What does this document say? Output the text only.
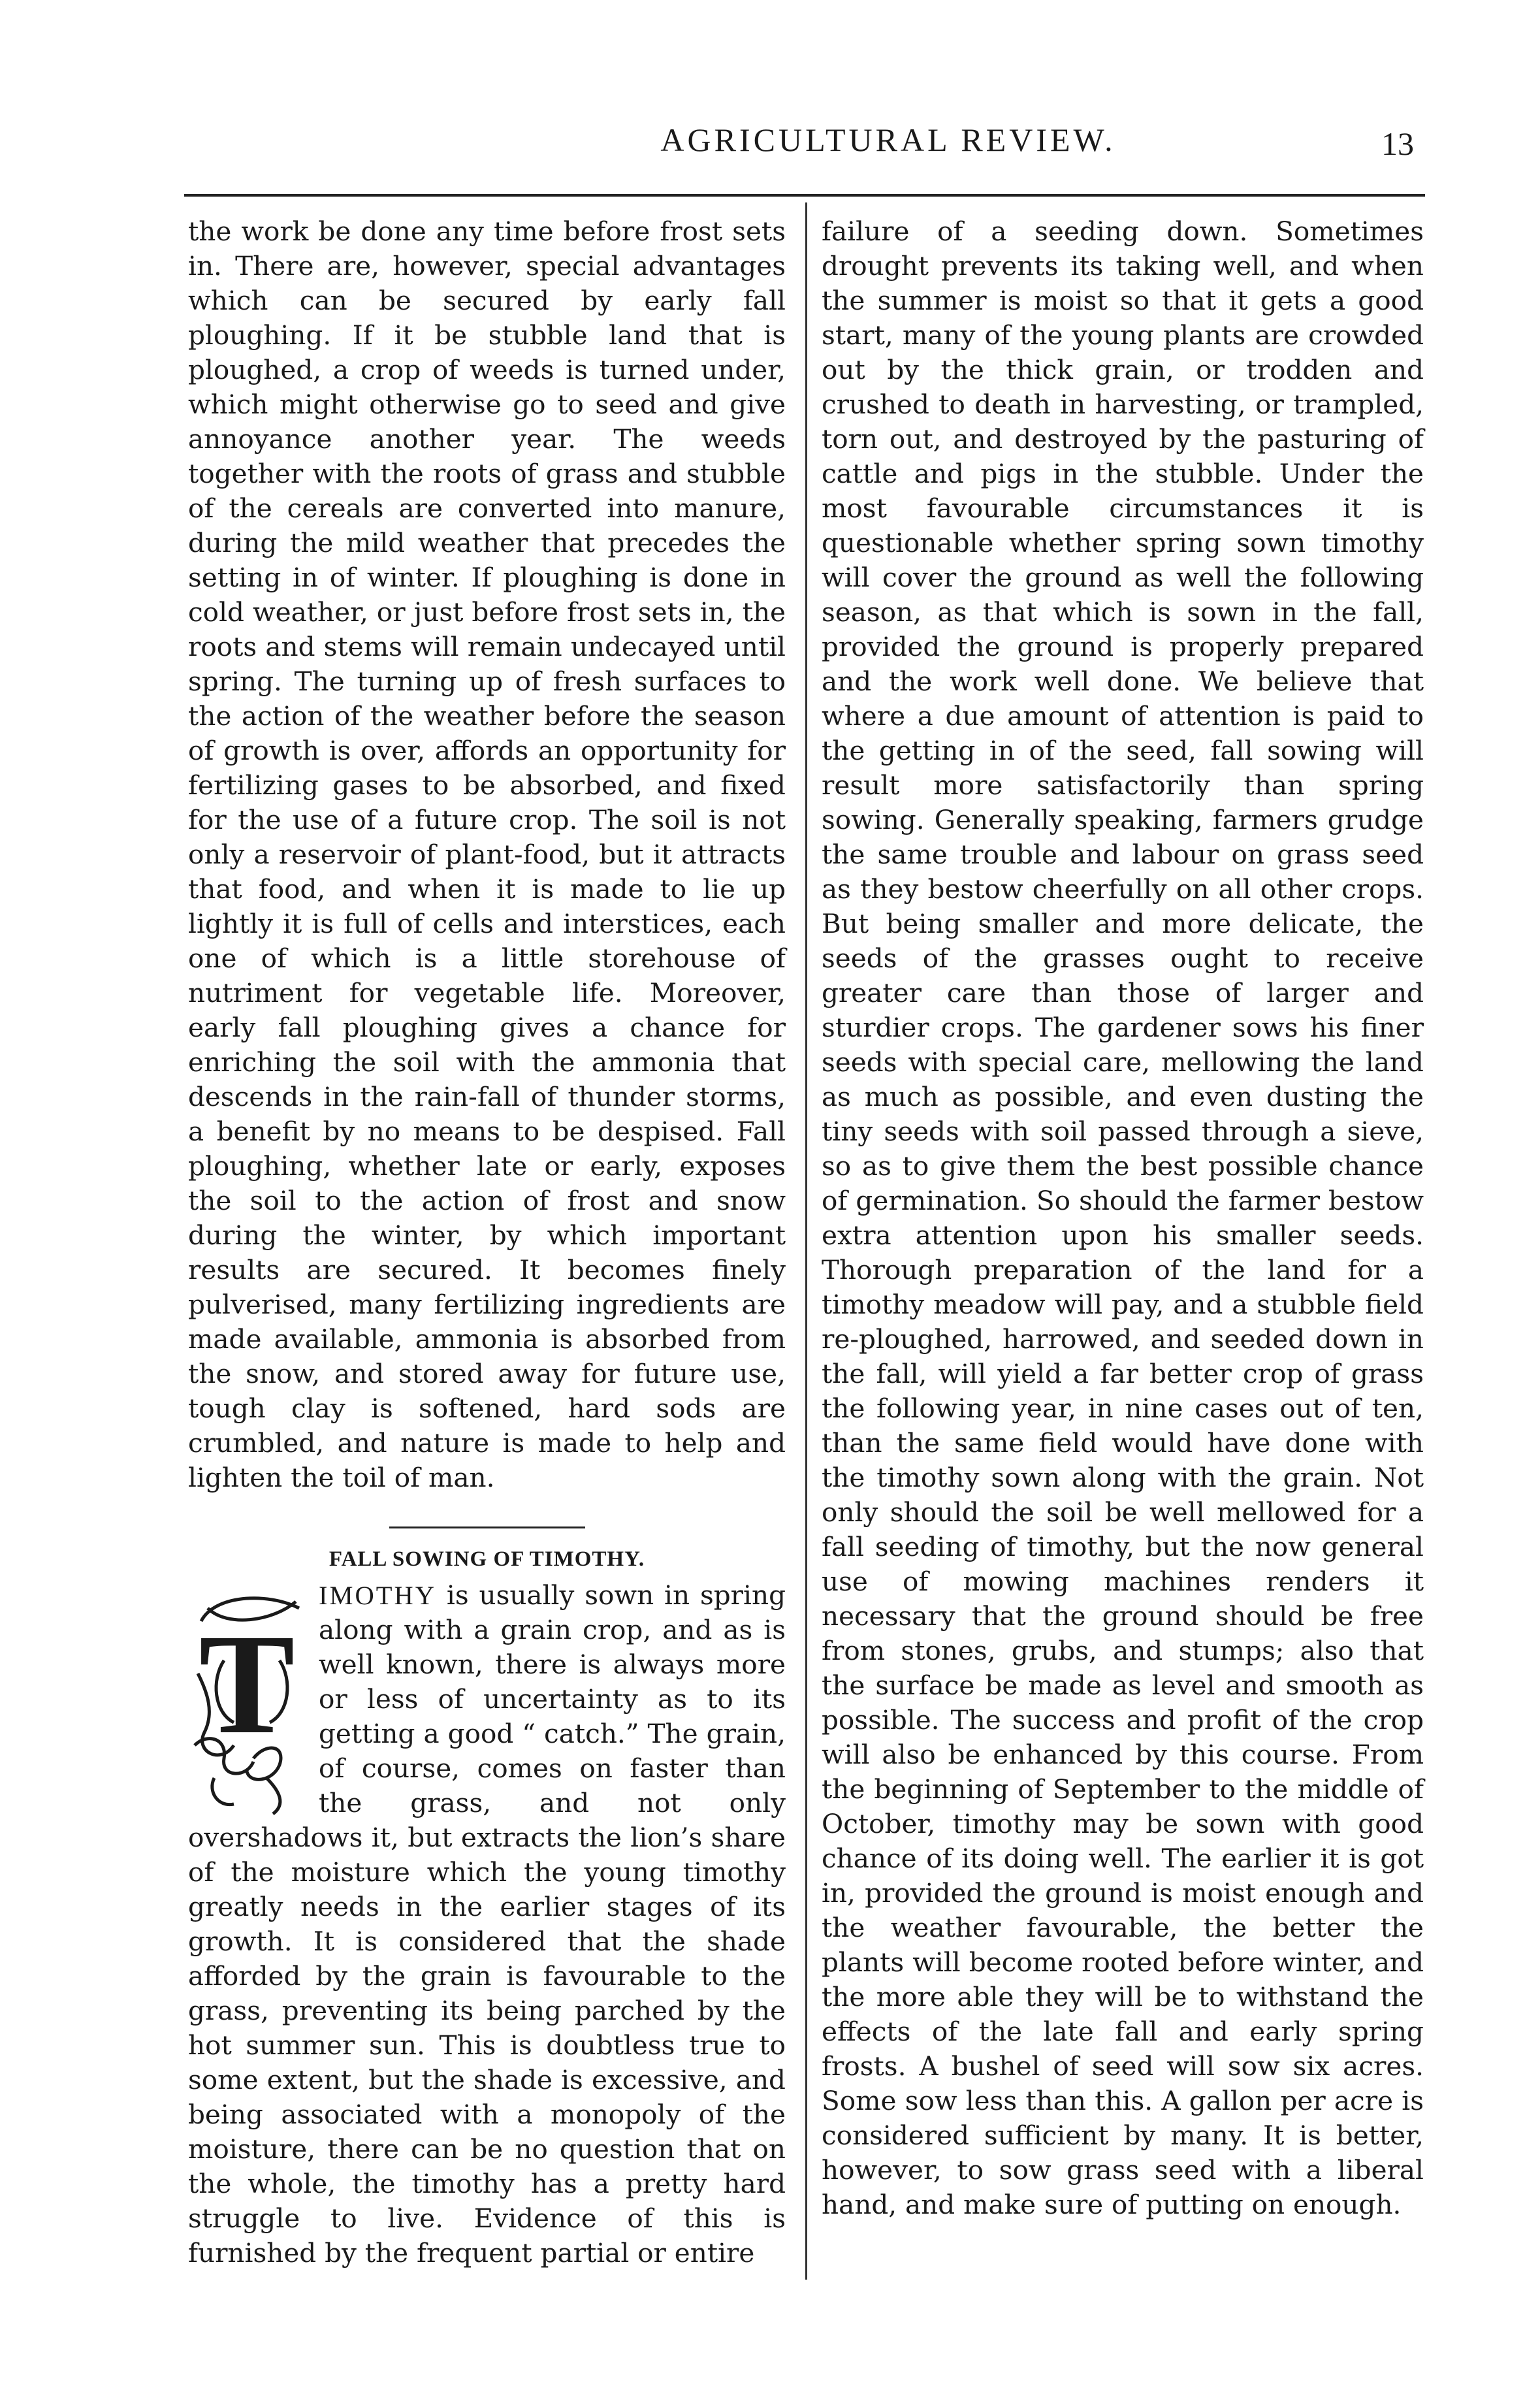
AGRICULTURAL REVIEW.	13

the work be done any time before frost sets in. There are, however, special advantages which can be secured by early fall ploughing. If it be stubble land that is ploughed, a crop of weeds is turned under, which might otherwise go to seed and give annoyance another year. The weeds together with the roots of grass and stubble of the cereals are converted into manure, during the mild weather that precedes the setting in of winter. If ploughing is done in cold weather, or just before frost sets in, the roots and stems will remain undecayed until spring. The turning up of fresh surfaces to the action of the weather before the season of growth is over, affords an opportunity for fertilizing gases to be absorbed, and fixed for the use of a future crop. The soil is not only a reservoir of plant-food, but it attracts that food, and when it is made to lie up lightly it is full of cells and interstices, each one of which is a little storehouse of nutriment for vegetable life. Moreover, early fall ploughing gives a chance for enriching the soil with the ammonia that descends in the rain-fall of thunder storms, a benefit by no means to be despised. Fall ploughing, whether late or early, exposes the soil to the action of frost and snow during the winter, by which important results are secured. It becomes finely pulverised, many fertilizing ingredients are made available, ammonia is absorbed from the snow, and stored away for future use, tough clay is softened, hard sods are crumbled, and nature is made to help and lighten the toil of man.

FALL SOWING OF TIMOTHY.

T
IMOTHY is usually sown in spring along with a grain crop, and as is well known, there is always more or less of uncertainty as to its getting a good “ catch.” The grain, of course, comes on faster than the grass, and not only overshadows it, but extracts the lion’s share of the moisture which the young timothy greatly needs in the earlier stages of its growth. It is considered that the shade afforded by the grain is favourable to the grass, preventing its being parched by the hot summer sun. This is doubtless true to some extent, but the shade is excessive, and being associated with a monopoly of the moisture, there can be no question that on the whole, the timothy has a pretty hard struggle to live. Evidence of this is furnished by the frequent partial or entire

failure of a seeding down. Sometimes drought prevents its taking well, and when the summer is moist so that it gets a good start, many of the young plants are crowded out by the thick grain, or trodden and crushed to death in harvesting, or trampled, torn out, and destroyed by the pasturing of cattle and pigs in the stubble. Under the most favourable circumstances it is questionable whether spring sown timothy will cover the ground as well the following season, as that which is sown in the fall, provided the ground is properly prepared and the work well done. We believe that where a due amount of attention is paid to the getting in of the seed, fall sowing will result more satisfactorily than spring sowing. Generally speaking, farmers grudge the same trouble and labour on grass seed as they bestow cheerfully on all other crops. But being smaller and more delicate, the seeds of the grasses ought to receive greater care than those of larger and sturdier crops. The gardener sows his finer seeds with special care, mellowing the land as much as possible, and even dusting the tiny seeds with soil passed through a sieve, so as to give them the best possible chance of germination. So should the farmer bestow extra attention upon his smaller seeds. Thorough preparation of the land for a timothy meadow will pay, and a stubble field re-ploughed, harrowed, and seeded down in the fall, will yield a far better crop of grass the following year, in nine cases out of ten, than the same field would have done with the timothy sown along with the grain. Not only should the soil be well mellowed for a fall seeding of timothy, but the now general use of mowing machines renders it necessary that the ground should be free from stones, grubs, and stumps; also that the surface be made as level and smooth as possible. The success and profit of the crop will also be enhanced by this course. From the beginning of September to the middle of October, timothy may be sown with good chance of its doing well. The earlier it is got in, provided the ground is moist enough and the weather favourable, the better the plants will become rooted before winter, and the more able they will be to withstand the effects of the late fall and early spring frosts. A bushel of seed will sow six acres. Some sow less than this. A gallon per acre is considered sufficient by many. It is better, however, to sow grass seed with a liberal hand, and make sure of putting on enough.
